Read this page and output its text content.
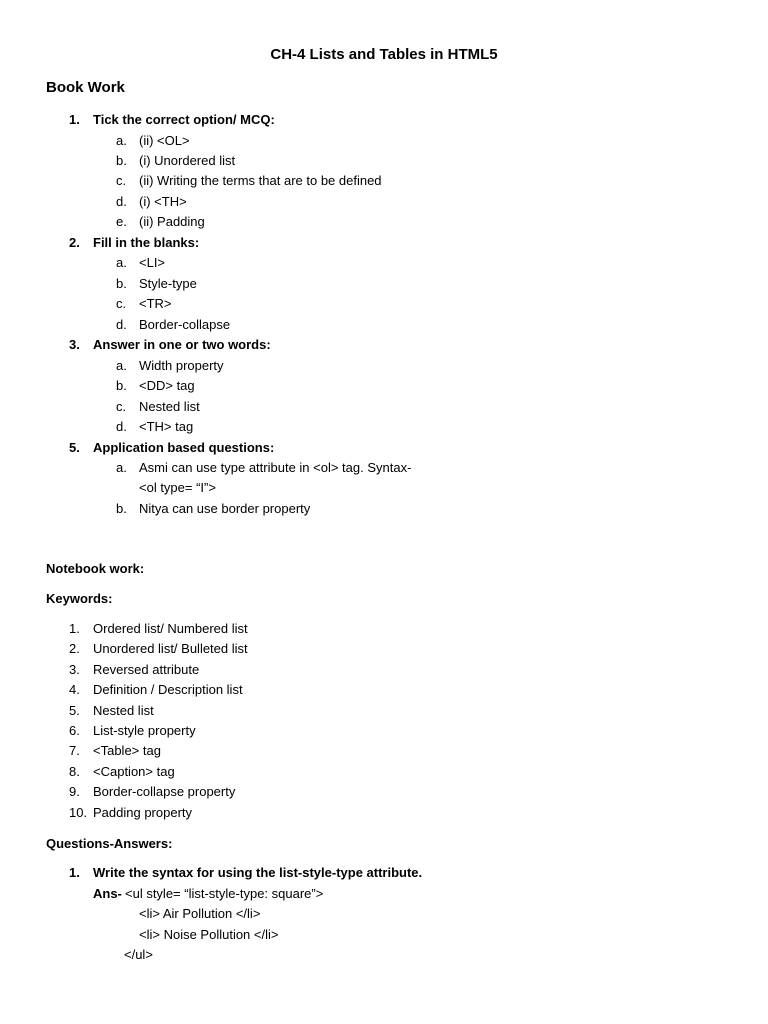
CH-4 Lists and Tables in HTML5
Book Work
1. Tick the correct option/ MCQ:
a. (ii) <OL>
b. (i) Unordered list
c. (ii) Writing the terms that are to be defined
d. (i) <TH>
e. (ii) Padding
2. Fill in the blanks:
a. <LI>
b. Style-type
c. <TR>
d. Border-collapse
3. Answer in one or two words:
a. Width property
b. <DD> tag
c. Nested list
d. <TH> tag
5. Application based questions:
a. Asmi can use type attribute in <ol> tag. Syntax-
<ol type= “I”>
b. Nitya can use border property
Notebook work:
Keywords:
1. Ordered list/ Numbered list
2. Unordered list/ Bulleted list
3. Reversed attribute
4. Definition / Description list
5. Nested list
6. List-style property
7. <Table> tag
8. <Caption> tag
9. Border-collapse property
10. Padding property
Questions-Answers:
1. Write the syntax for using the list-style-type attribute.
Ans- <ul style= “list-style-type: square”>
<li> Air Pollution </li>
<li> Noise Pollution </li>
</ul>
